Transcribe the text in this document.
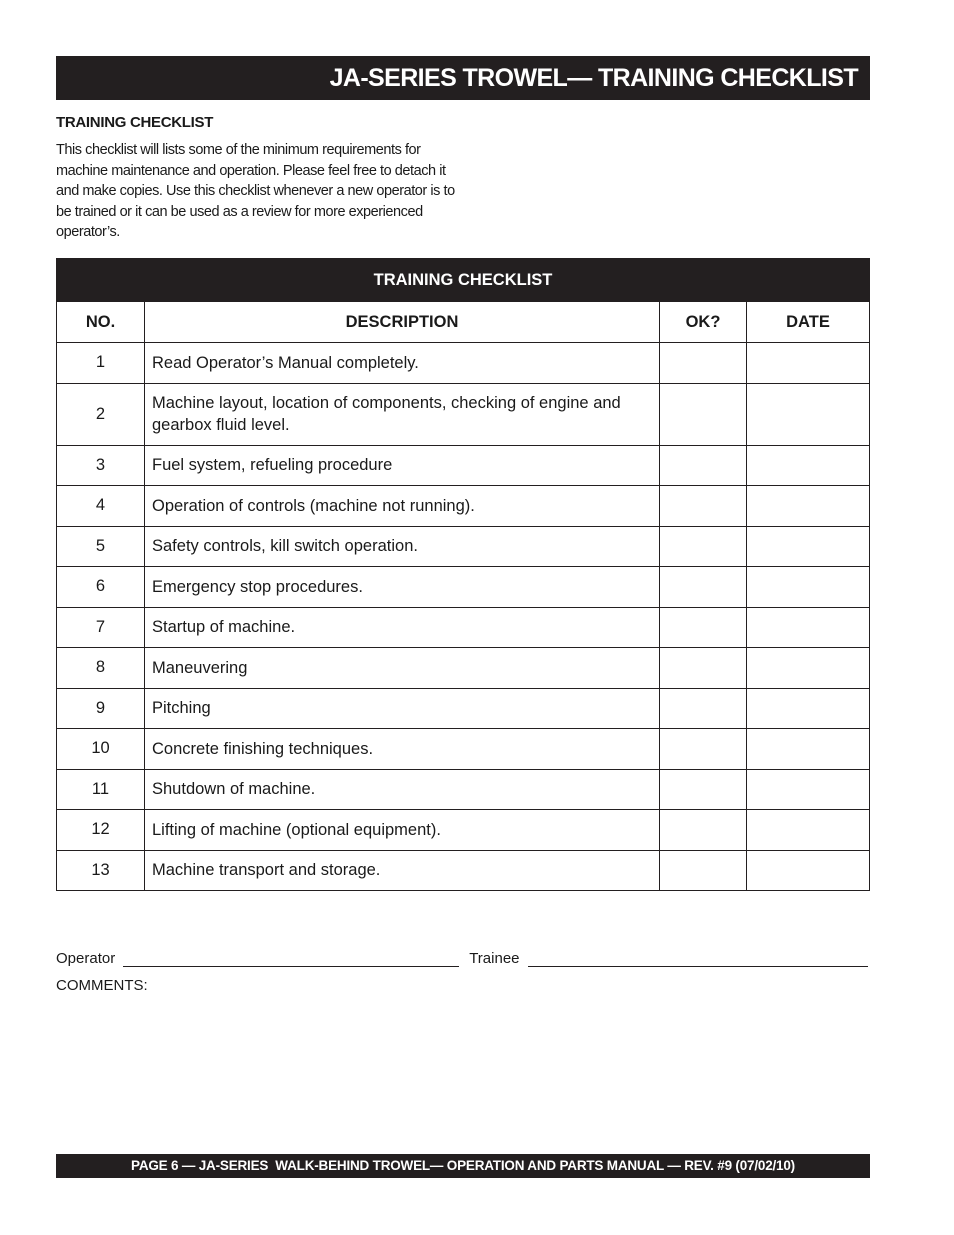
JA-SERIES TROWEL— TRAINING CHECKLIST
TRAINING CHECKLIST

This checklist will lists some of the minimum requirements for machine maintenance and operation. Please feel free to detach it and make copies. Use this checklist whenever a new operator is to be trained or it can be used as a review for more experienced operator’s.

TRAINING CHECKLIST			
NO.	DESCRIPTION	OK?	DATE
1	Read Operator’s Manual completely.		
2	Machine layout, location of components, checking of engine and gearbox fluid level.		
3	Fuel system, refueling procedure		
4	Operation of controls (machine not running).		
5	Safety controls, kill switch operation.		
6	Emergency stop procedures.		
7	Startup of machine.		
8	Maneuvering		
9	Pitching		
10	Concrete finishing techniques.		
11	Shutdown of machine.		
12	Lifting of machine (optional equipment).		
13	Machine transport and storage.		
Operator	Trainee
COMMENTS:
PAGE 6 — JA-SERIES  WALK-BEHIND TROWEL— OPERATION AND PARTS MANUAL — REV. #9 (07/02/10)
